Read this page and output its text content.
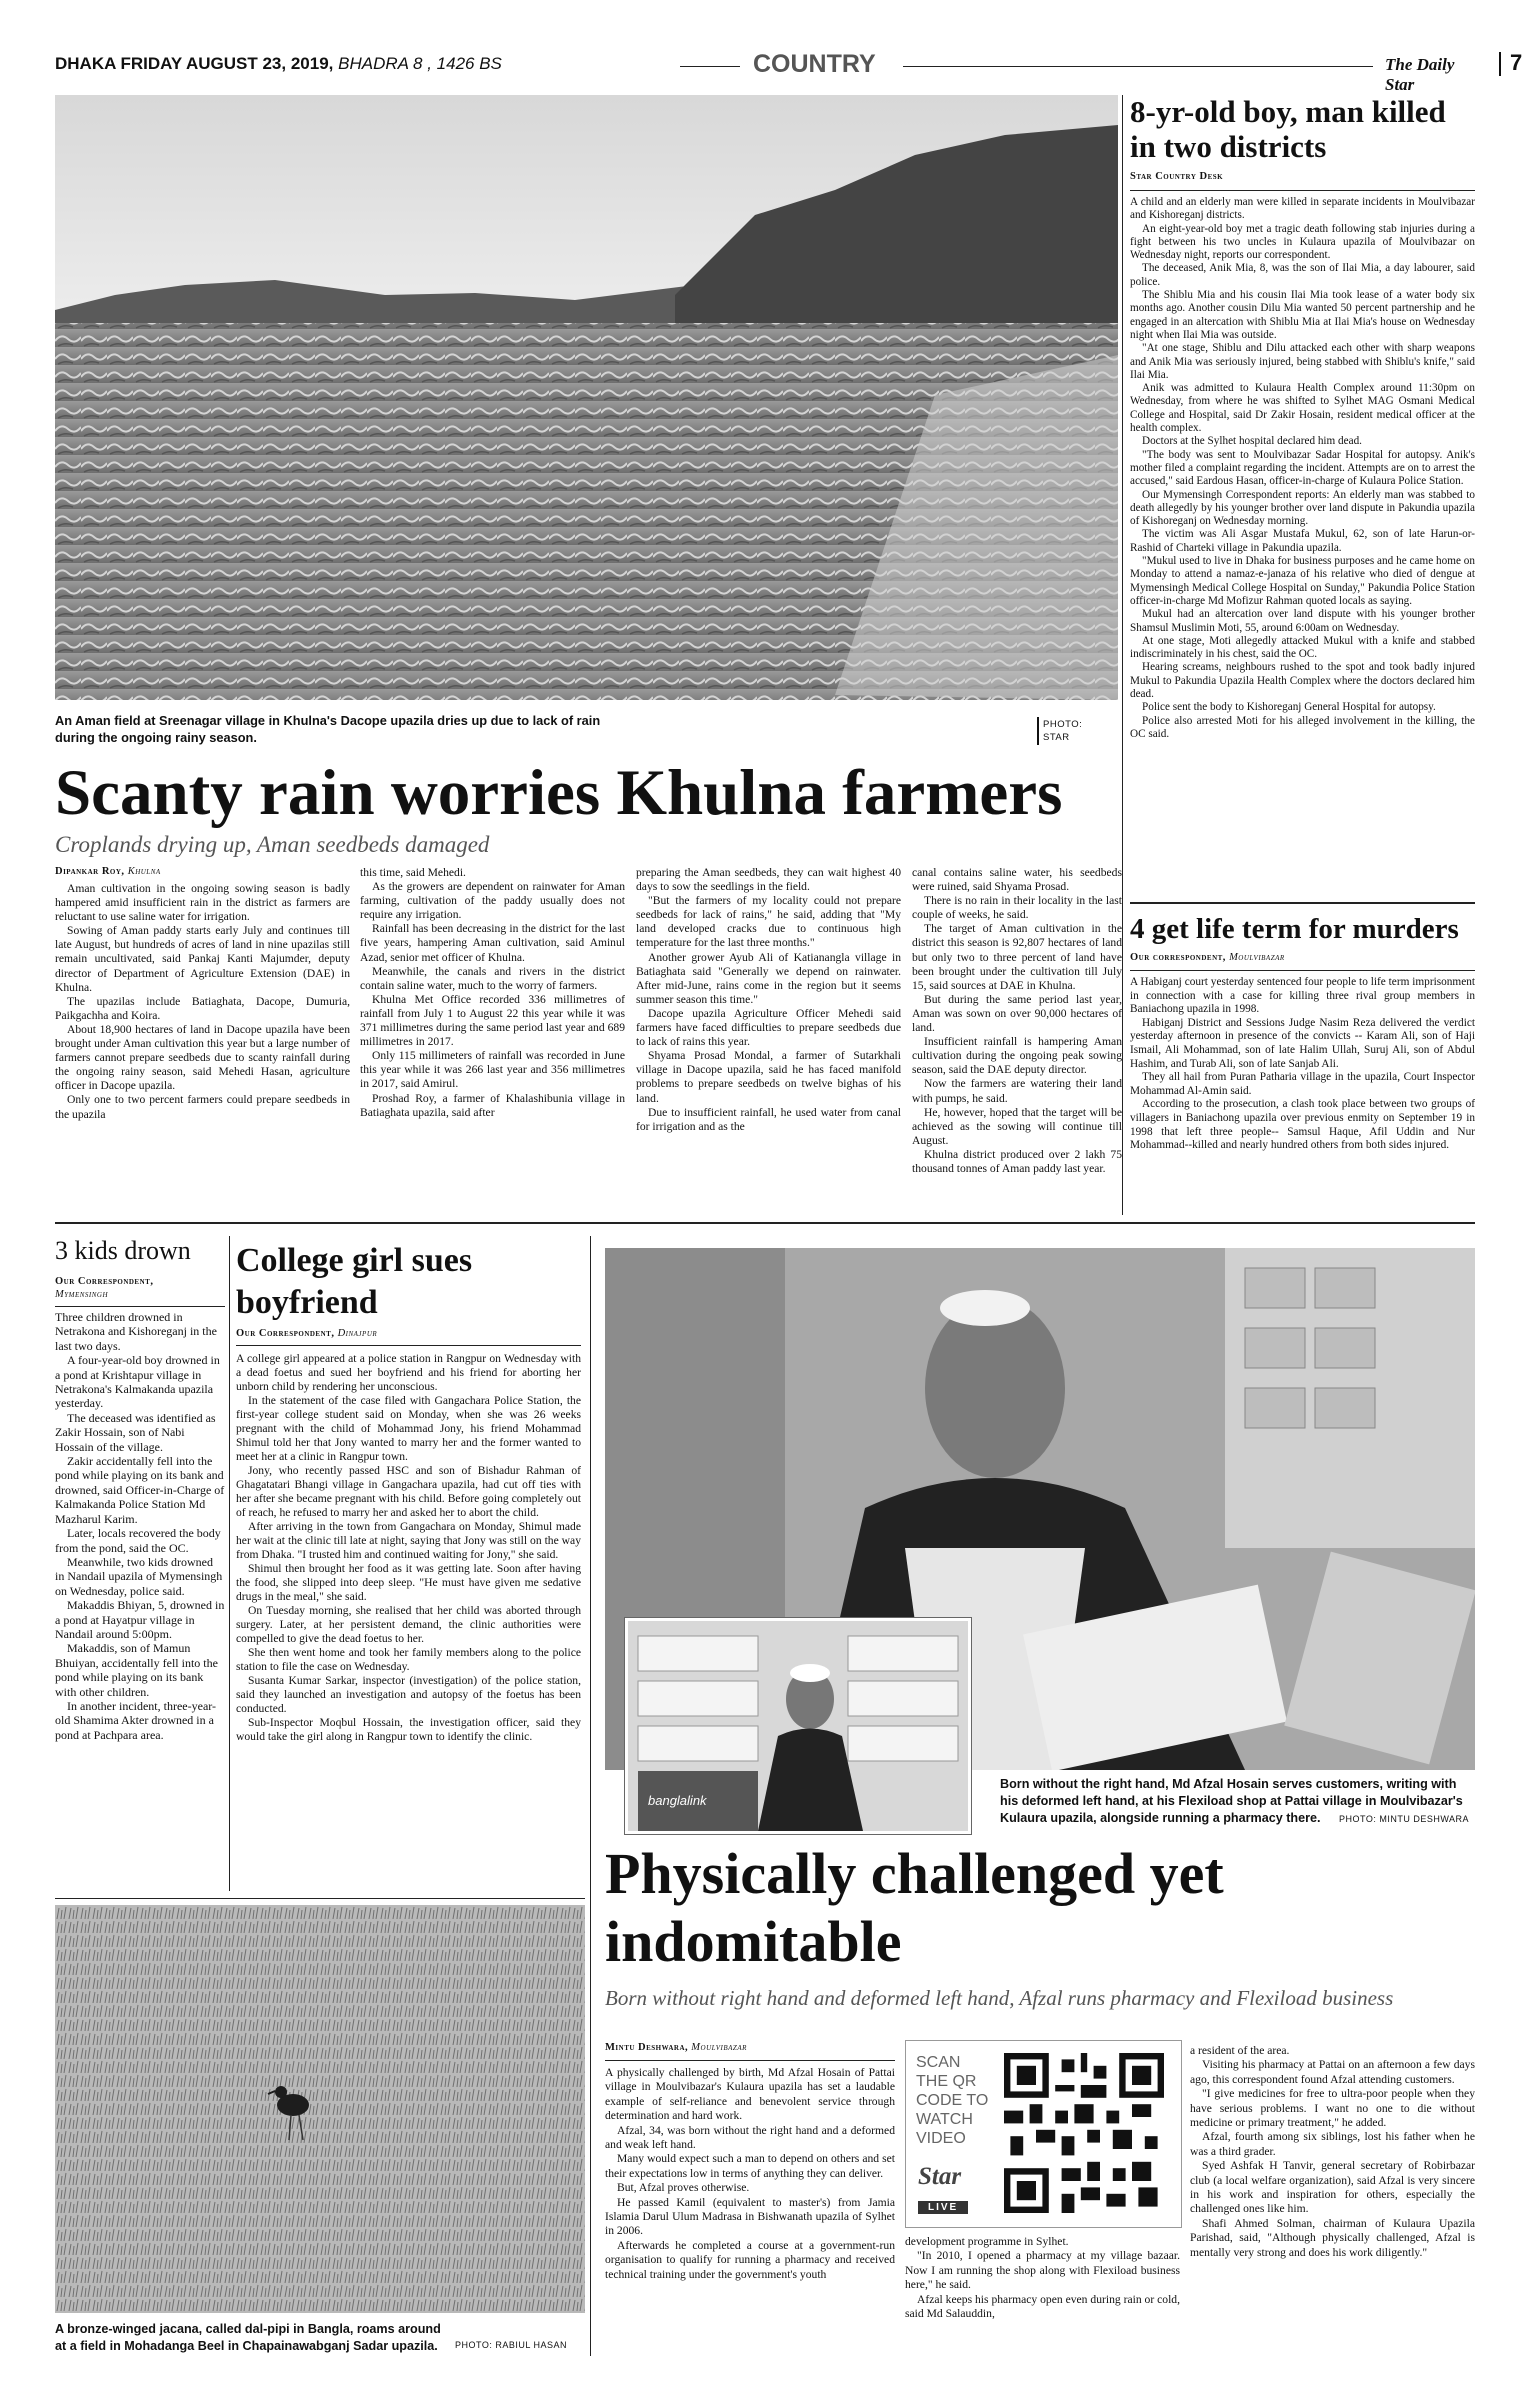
DHAKA FRIDAY AUGUST 23, 2019, BHADRA 8 , 1426 BS	COUNTRY	The Daily Star
7
An Aman field at Sreenagar village in Khulna's Dacope upazila dries up due to lack of rain during the ongoing rainy season.
PHOTO: STAR
Scanty rain worries Khulna farmers
Croplands drying up, Aman seedbeds damaged
Dipankar Roy, Khulna

Aman cultivation in the ongoing sowing season is badly hampered amid insufficient rain in the district as farmers are reluctant to use saline water for irrigation.

Sowing of Aman paddy starts early July and continues till late August, but hundreds of acres of land in nine upazilas still remain uncultivated, said Pankaj Kanti Majumder, deputy director of Department of Agriculture Extension (DAE) in Khulna.

The upazilas include Batiaghata, Dacope, Dumuria, Paikgachha and Koira.

About 18,900 hectares of land in Dacope upazila have been brought under Aman cultivation this year but a large number of farmers cannot prepare seedbeds due to scanty rainfall during the ongoing rainy season, said Mehedi Hasan, agriculture officer in Dacope upazila.

Only one to two percent farmers could prepare seedbeds in the upazila

this time, said Mehedi.

As the growers are dependent on rainwater for Aman farming, cultivation of the paddy usually does not require any irrigation.

Rainfall has been decreasing in the district for the last five years, hampering Aman cultivation, said Aminul Azad, senior met officer of Khulna.

Meanwhile, the canals and rivers in the district contain saline water, much to the worry of farmers.

Khulna Met Office recorded 336 millimetres of rainfall from July 1 to August 22 this year while it was 371 millimetres during the same period last year and 689 millimetres in 2017.

Only 115 millimeters of rainfall was recorded in June this year while it was 266 last year and 356 millimetres in 2017, said Amirul.

Proshad Roy, a farmer of Khalashibunia village in Batiaghata upazila, said after

preparing the Aman seedbeds, they can wait highest 40 days to sow the seedlings in the field.

"But the farmers of my locality could not prepare seedbeds for lack of rains," he said, adding that "My land developed cracks due to continuous high temperature for the last three months."

Another grower Ayub Ali of Katianangla village in Batiaghata said "Generally we depend on rainwater. After mid-June, rains come in the region but it seems summer season this time."

Dacope upazila Agriculture Officer Mehedi said farmers have faced difficulties to prepare seedbeds due to lack of rains this year.

Shyama Prosad Mondal, a farmer of Sutarkhali village in Dacope upazila, said he has faced manifold problems to prepare seedbeds on twelve bighas of his land.

Due to insufficient rainfall, he used water from canal for irrigation and as the

canal contains saline water, his seedbeds were ruined, said Shyama Prosad.

There is no rain in their locality in the last couple of weeks, he said.

The target of Aman cultivation in the district this season is 92,807 hectares of land but only two to three percent of land have been brought under the cultivation till July 15, said sources at DAE in Khulna.

But during the same period last year, Aman was sown on over 90,000 hectares of land.

Insufficient rainfall is hampering Aman cultivation during the ongoing peak sowing season, said the DAE deputy director.

Now the farmers are watering their land with pumps, he said.

He, however, hoped that the target will be achieved as the sowing will continue till August.

Khulna district produced over 2 lakh 75 thousand tonnes of Aman paddy last year.

8-yr-old boy, man killed in two districts
Star Country Desk

A child and an elderly man were killed in separate incidents in Moulvibazar and Kishoreganj districts.

An eight-year-old boy met a tragic death following stab injuries during a fight between his two uncles in Kulaura upazila of Moulvibazar on Wednesday night, reports our correspondent.

The deceased, Anik Mia, 8, was the son of Ilai Mia, a day labourer, said police.

The Shiblu Mia and his cousin Ilai Mia took lease of a water body six months ago. Another cousin Dilu Mia wanted 50 percent partnership and he engaged in an altercation with Shiblu Mia at Ilai Mia's house on Wednesday night when Ilai Mia was outside.

"At one stage, Shiblu and Dilu attacked each other with sharp weapons and Anik Mia was seriously injured, being stabbed with Shiblu's knife," said Ilai Mia.

Anik was admitted to Kulaura Health Complex around 11:30pm on Wednesday, from where he was shifted to Sylhet MAG Osmani Medical College and Hospital, said Dr Zakir Hosain, resident medical officer at the health complex.

Doctors at the Sylhet hospital declared him dead.

"The body was sent to Moulvibazar Sadar Hospital for autopsy. Anik's mother filed a complaint regarding the incident. Attempts are on to arrest the accused," said Eardous Hasan, officer-in-charge of Kulaura Police Station.

Our Mymensingh Correspondent reports: An elderly man was stabbed to death allegedly by his younger brother over land dispute in Pakundia upazila of Kishoreganj on Wednesday morning.

The victim was Ali Asgar Mustafa Mukul, 62, son of late Harun-or-Rashid of Charteki village in Pakundia upazila.

"Mukul used to live in Dhaka for business purposes and he came home on Monday to attend a namaz-e-janaza of his relative who died of dengue at Mymensingh Medical College Hospital on Sunday," Pakundia Police Station officer-in-charge Md Mofizur Rahman quoted locals as saying.

Mukul had an altercation over land dispute with his younger brother Shamsul Muslimin Moti, 55, around 6:00am on Wednesday.

At one stage, Moti allegedly attacked Mukul with a knife and stabbed indiscriminately in his chest, said the OC.

Hearing screams, neighbours rushed to the spot and took badly injured Mukul to Pakundia Upazila Health Complex where the doctors declared him dead.

Police sent the body to Kishoreganj General Hospital for autopsy.

Police also arrested Moti for his alleged involvement in the killing, the OC said.

4 get life term for murders
Our correspondent, Moulvibazar

A Habiganj court yesterday sentenced four people to life term imprisonment in connection with a case for killing three rival group members in Baniachong upazila in 1998.

Habiganj District and Sessions Judge Nasim Reza delivered the verdict yesterday afternoon in presence of the convicts -- Karam Ali, son of Haji Ismail, Ali Mohammad, son of late Halim Ullah, Suruj Ali, son of Abdul Hashim, and Turab Ali, son of late Sanjab Ali.

They all hail from Puran Patharia village in the upazila, Court Inspector Mohammad Al-Amin said.

According to the prosecution, a clash took place between two groups of villagers in Baniachong upazila over previous enmity on September 19 in 1998 that left three people-- Samsul Haque, Afil Uddin and Nur Mohammad--killed and nearly hundred others from both sides injured.

3 kids drown
Our Correspondent,
Mymensingh

Three children drowned in Netrakona and Kishoreganj in the last two days.

A four-year-old boy drowned in a pond at Krishtapur village in Netrakona's Kalmakanda upazila yesterday.

The deceased was identified as Zakir Hossain, son of Nabi Hossain of the village.

Zakir accidentally fell into the pond while playing on its bank and drowned, said Officer-in-Charge of Kalmakanda Police Station Md Mazharul Karim.

Later, locals recovered the body from the pond, said the OC.

Meanwhile, two kids drowned in Nandail upazila of Mymensingh on Wednesday, police said.

Makaddis Bhiyan, 5, drowned in a pond at Hayatpur village in Nandail around 5:00pm.

Makaddis, son of Mamun Bhuiyan, accidentally fell into the pond while playing on its bank with other children.

In another incident, three-year-old Shamima Akter drowned in a pond at Pachpara area.

College girl sues boyfriend
Our Correspondent, Dinajpur

A college girl appeared at a police station in Rangpur on Wednesday with a dead foetus and sued her boyfriend and his friend for aborting her unborn child by rendering her unconscious.

In the statement of the case filed with Gangachara Police Station, the first-year college student said on Monday, when she was 26 weeks pregnant with the child of Mohammad Jony, his friend Mohammad Shimul told her that Jony wanted to marry her and the former wanted to meet her at a clinic in Rangpur town.

Jony, who recently passed HSC and son of Bishadur Rahman of Ghagatatari Bhangi village in Gangachara upazila, had cut off ties with her after she became pregnant with his child. Before going completely out of reach, he refused to marry her and asked her to abort the child.

After arriving in the town from Gangachara on Monday, Shimul made her wait at the clinic till late at night, saying that Jony was still on the way from Dhaka. "I trusted him and continued waiting for Jony," she said.

Shimul then brought her food as it was getting late. Soon after having the food, she slipped into deep sleep. "He must have given me sedative drugs in the meal," she said.

On Tuesday morning, she realised that her child was aborted through surgery. Later, at her persistent demand, the clinic authorities were compelled to give the dead foetus to her.

She then went home and took her family members along to the police station to file the case on Wednesday.

Susanta Kumar Sarkar, inspector (investigation) of the police station, said they launched an investigation and autopsy of the foetus has been conducted.

Sub-Inspector Moqbul Hossain, the investigation officer, said they would take the girl along in Rangpur town to identify the clinic.

banglalink
Born without the right hand, Md Afzal Hosain serves customers, writing with his deformed left hand, at his Flexiload shop at Pattai village in Moulvibazar's Kulaura upazila, alongside running a pharmacy there.	PHOTO: MINTU DESHWARA
Physically challenged yet indomitable
Born without right hand and deformed left hand, Afzal runs pharmacy and Flexiload business
Mintu Deshwara, Moulvibazar

A physically challenged by birth, Md Afzal Hosain of Pattai village in Moulvibazar's Kulaura upazila has set a laudable example of self-reliance and benevolent service through determination and hard work.

Afzal, 34, was born without the right hand and a deformed and weak left hand.

Many would expect such a man to depend on others and set their expectations low in terms of anything they can deliver.

But, Afzal proves otherwise.

He passed Kamil (equivalent to master's) from Jamia Islamia Darul Ulum Madrasa in Bishwanath upazila of Sylhet in 2006.

Afterwards he completed a course at a government-run organisation to qualify for running a pharmacy and received technical training under the government's youth

SCAN THE QR CODE TO WATCH VIDEO
Star
LIVE

development programme in Sylhet.

"In 2010, I opened a pharmacy at my village bazaar. Now I am running the shop along with Flexiload business here," he said.

Afzal keeps his pharmacy open even during rain or cold, said Md Salauddin,

a resident of the area.

Visiting his pharmacy at Pattai on an afternoon a few days ago, this correspondent found Afzal attending customers.

"I give medicines for free to ultra-poor people when they have serious problems. I want no one to die without medicine or primary treatment," he added.

Afzal, fourth among six siblings, lost his father when he was a third grader.

Syed Ashfak H Tanvir, general secretary of Robirbazar club (a local welfare organization), said Afzal is very sincere in his work and inspiration for others, especially the challenged ones like him.

Shafi Ahmed Solman, chairman of Kulaura Upazila Parishad, said, "Although physically challenged, Afzal is mentally very strong and does his work diligently."

A bronze-winged jacana, called dal-pipi in Bangla, roams around at a field in Mohadanga Beel in Chapainawabganj Sadar upazila.	PHOTO: RABIUL HASAN
